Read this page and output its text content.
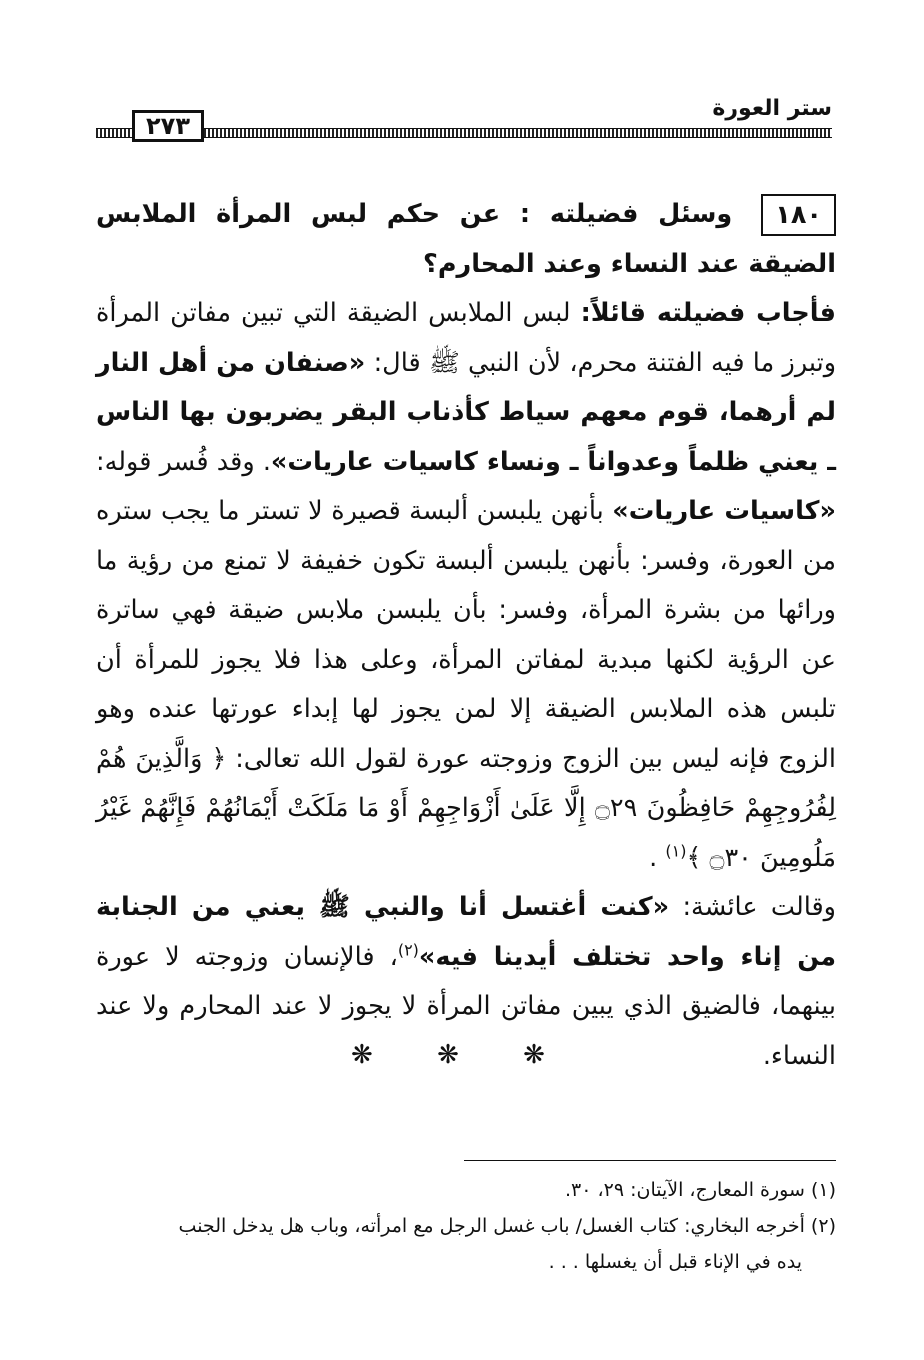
ستر العورة
٢٧٣

١٨٠ وسئل فضيلته : عن حكم لبس المرأة الملابس الضيقة عند النساء وعند المحارم؟

فأجاب فضيلته قائلاً: لبس الملابس الضيقة التي تبين مفاتن المرأة وتبرز ما فيه الفتنة محرم، لأن النبي ﷺ قال: «صنفان من أهل النار لم أرهما، قوم معهم سياط كأذناب البقر يضربون بها الناس ـ يعني ظلماً وعدواناً ـ ونساء كاسيات عاريات». وقد فُسر قوله: «كاسيات عاريات» بأنهن يلبسن ألبسة قصيرة لا تستر ما يجب ستره من العورة، وفسر: بأنهن يلبسن ألبسة تكون خفيفة لا تمنع من رؤية ما ورائها من بشرة المرأة، وفسر: بأن يلبسن ملابس ضيقة فهي ساترة عن الرؤية لكنها مبدية لمفاتن المرأة، وعلى هذا فلا يجوز للمرأة أن تلبس هذه الملابس الضيقة إلا لمن يجوز لها إبداء عورتها عنده وهو الزوج فإنه ليس بين الزوج وزوجته عورة لقول الله تعالى: ﴿ وَالَّذِينَ هُمْ لِفُرُوجِهِمْ حَافِظُونَ ۝٢٩ إِلَّا عَلَىٰ أَزْوَاجِهِمْ أَوْ مَا مَلَكَتْ أَيْمَانُهُمْ فَإِنَّهُمْ غَيْرُ مَلُومِينَ ۝٣٠ ﴾$^{(١)}$ .

وقالت عائشة: «كنت أغتسل أنا والنبي ﷺ يعني من الجنابة من إناء واحد تختلف أيدينا فيه»$^{(٢)}$، فالإنسان وزوجته لا عورة بينهما، فالضيق الذي يبين مفاتن المرأة لا يجوز لا عند المحارم ولا عند النساء.

❋ ❋ ❋

(١) سورة المعارج، الآيتان: ٢٩، ٣٠.

(٢) أخرجه البخاري: كتاب الغسل/ باب غسل الرجل مع امرأته، وباب هل يدخل الجنب

يده في الإناء قبل أن يغسلها . . .
